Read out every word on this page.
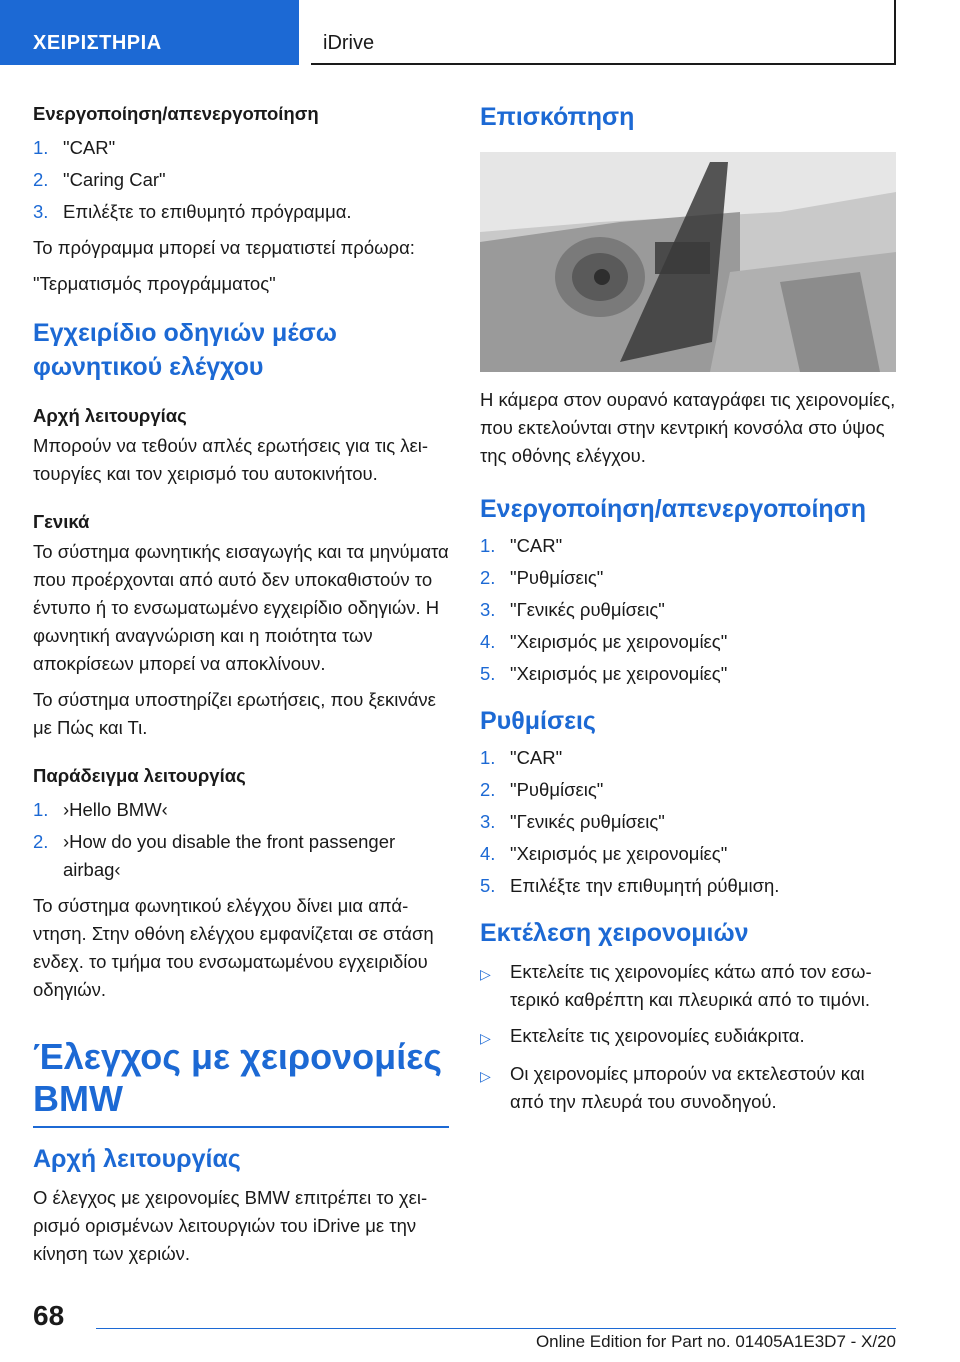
ΧΕΙΡΙΣΤΗΡΙΑ	iDrive
Ενεργοποίηση/απενεργοποίηση
1. "CAR"
2. "Caring Car"
3. Επιλέξτε το επιθυμητό πρόγραμμα.

Το πρόγραμμα μπορεί να τερματιστεί πρόωρα:

"Τερματισμός προγράμματος"

Εγχειρίδιο οδηγιών μέσω φωνητικού ελέγχου
Αρχή λειτουργίας

Μπορούν να τεθούν απλές ερωτήσεις για τις λειτουργίες και τον χειρισμό του αυτοκινήτου.

Γενικά

Το σύστημα φωνητικής εισαγωγής και τα μηνύματα που προέρχονται από αυτό δεν υποκαθιστούν το έντυπο ή το ενσωματωμένο εγχειρίδιο οδηγιών. Η φωνητική αναγνώριση και η ποιότητα των αποκρίσεων μπορεί να αποκλίνουν.

Το σύστημα υποστηρίζει ερωτήσεις, που ξεκινάνε με Πώς και Τι.

Παράδειγμα λειτουργίας
1. ›Hello BMW‹
2. ›How do you disable the front passenger airbag‹

Το σύστημα φωνητικού ελέγχου δίνει μια απάντηση. Στην οθόνη ελέγχου εμφανίζεται σε στάση ενδεχ. το τμήμα του ενσωματωμένου εγχειριδίου οδηγιών.

Έλεγχος με χειρονομίες BMW
Αρχή λειτουργίας

Ο έλεγχος με χειρονομίες BMW επιτρέπει το χειρισμό ορισμένων λειτουργιών του iDrive με την κίνηση των χεριών.

Επισκόπηση

Η κάμερα στον ουρανό καταγράφει τις χειρονομίες, που εκτελούνται στην κεντρική κονσόλα στο ύψος της οθόνης ελέγχου.

Ενεργοποίηση/απενεργοποίηση
1. "CAR"
2. "Ρυθμίσεις"
3. "Γενικές ρυθμίσεις"
4. "Χειρισμός με χειρονομίες"
5. "Χειρισμός με χειρονομίες"
Ρυθμίσεις
1. "CAR"
2. "Ρυθμίσεις"
3. "Γενικές ρυθμίσεις"
4. "Χειρισμός με χειρονομίες"
5. Επιλέξτε την επιθυμητή ρύθμιση.
Εκτέλεση χειρονομιών
▷	Εκτελείτε τις χειρονομίες κάτω από τον εσωτερικό καθρέπτη και πλευρικά από το τιμόνι.
▷	Εκτελείτε τις χειρονομίες ευδιάκριτα.
▷	Οι χειρονομίες μπορούν να εκτελεστούν και από την πλευρά του συνοδηγού.
68
Online Edition for Part no. 01405A1E3D7 - X/20
